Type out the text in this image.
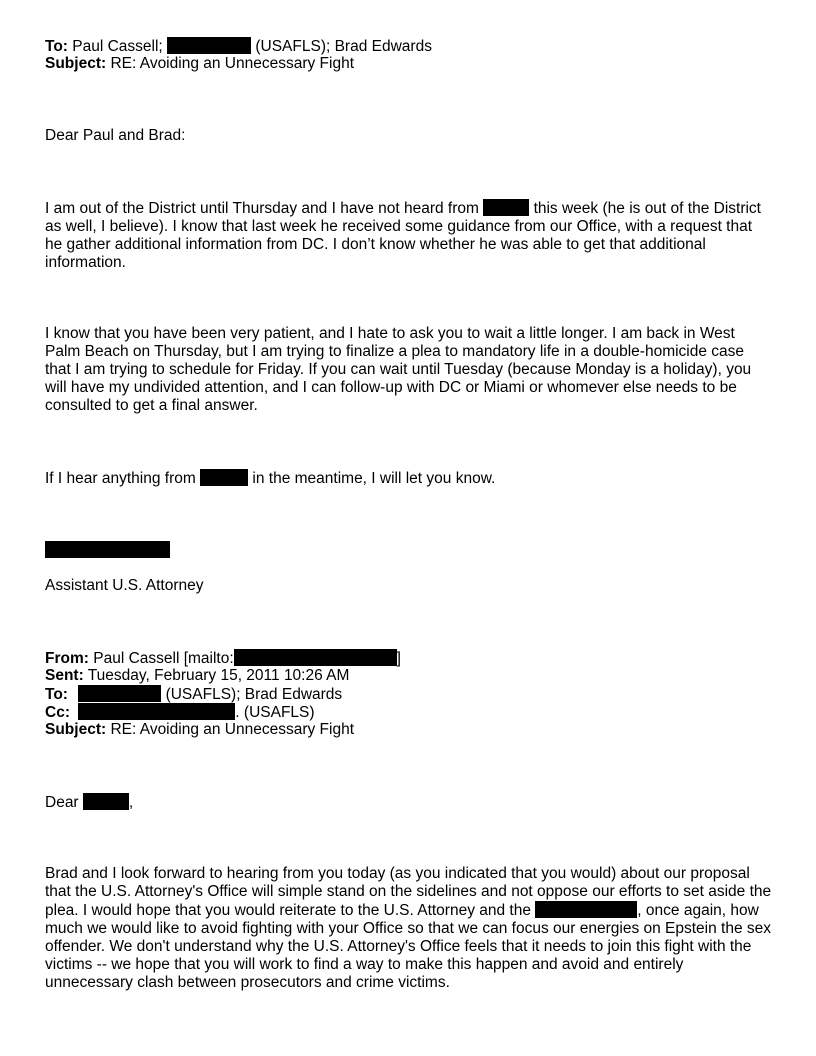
To: Paul Cassell;	(USAFLS); Brad Edwards
Subject: RE: Avoiding an Unnecessary Fight
Dear Paul and Brad:
I am out of the District until Thursday and I have not heard from	this week (he is out of the District as well, I believe). I know that last week he received some guidance from our Office, with a request that he gather additional information from DC. I don’t know whether he was able to get that additional information.
I know that you have been very patient, and I hate to ask you to wait a little longer. I am back in West Palm Beach on Thursday, but I am trying to finalize a plea to mandatory life in a double-homicide case that I am trying to schedule for Friday. If you can wait until Tuesday (because Monday is a holiday), you will have my undivided attention, and I can follow-up with DC or Miami or whomever else needs to be consulted to get a final answer.
If I hear anything from	in the meantime, I will let you know.
Assistant U.S. Attorney
From: Paul Cassell [mailto:	]
Sent: Tuesday, February 15, 2011 10:26 AM
To:	(USAFLS); Brad Edwards
Cc:	. (USAFLS)
Subject: RE: Avoiding an Unnecessary Fight
Dear	,
Brad and I look forward to hearing from you today (as you indicated that you would) about our proposal that the U.S. Attorney's Office will simple stand on the sidelines and not oppose our efforts to set aside the plea. I would hope that you would reiterate to the U.S. Attorney and the	, once again, how much we would like to avoid fighting with your Office so that we can focus our energies on Epstein the sex offender. We don't understand why the U.S. Attorney's Office feels that it needs to join this fight with the victims -- we hope that you will work to find a way to make this happen and avoid and entirely unnecessary clash between prosecutors and crime victims.
